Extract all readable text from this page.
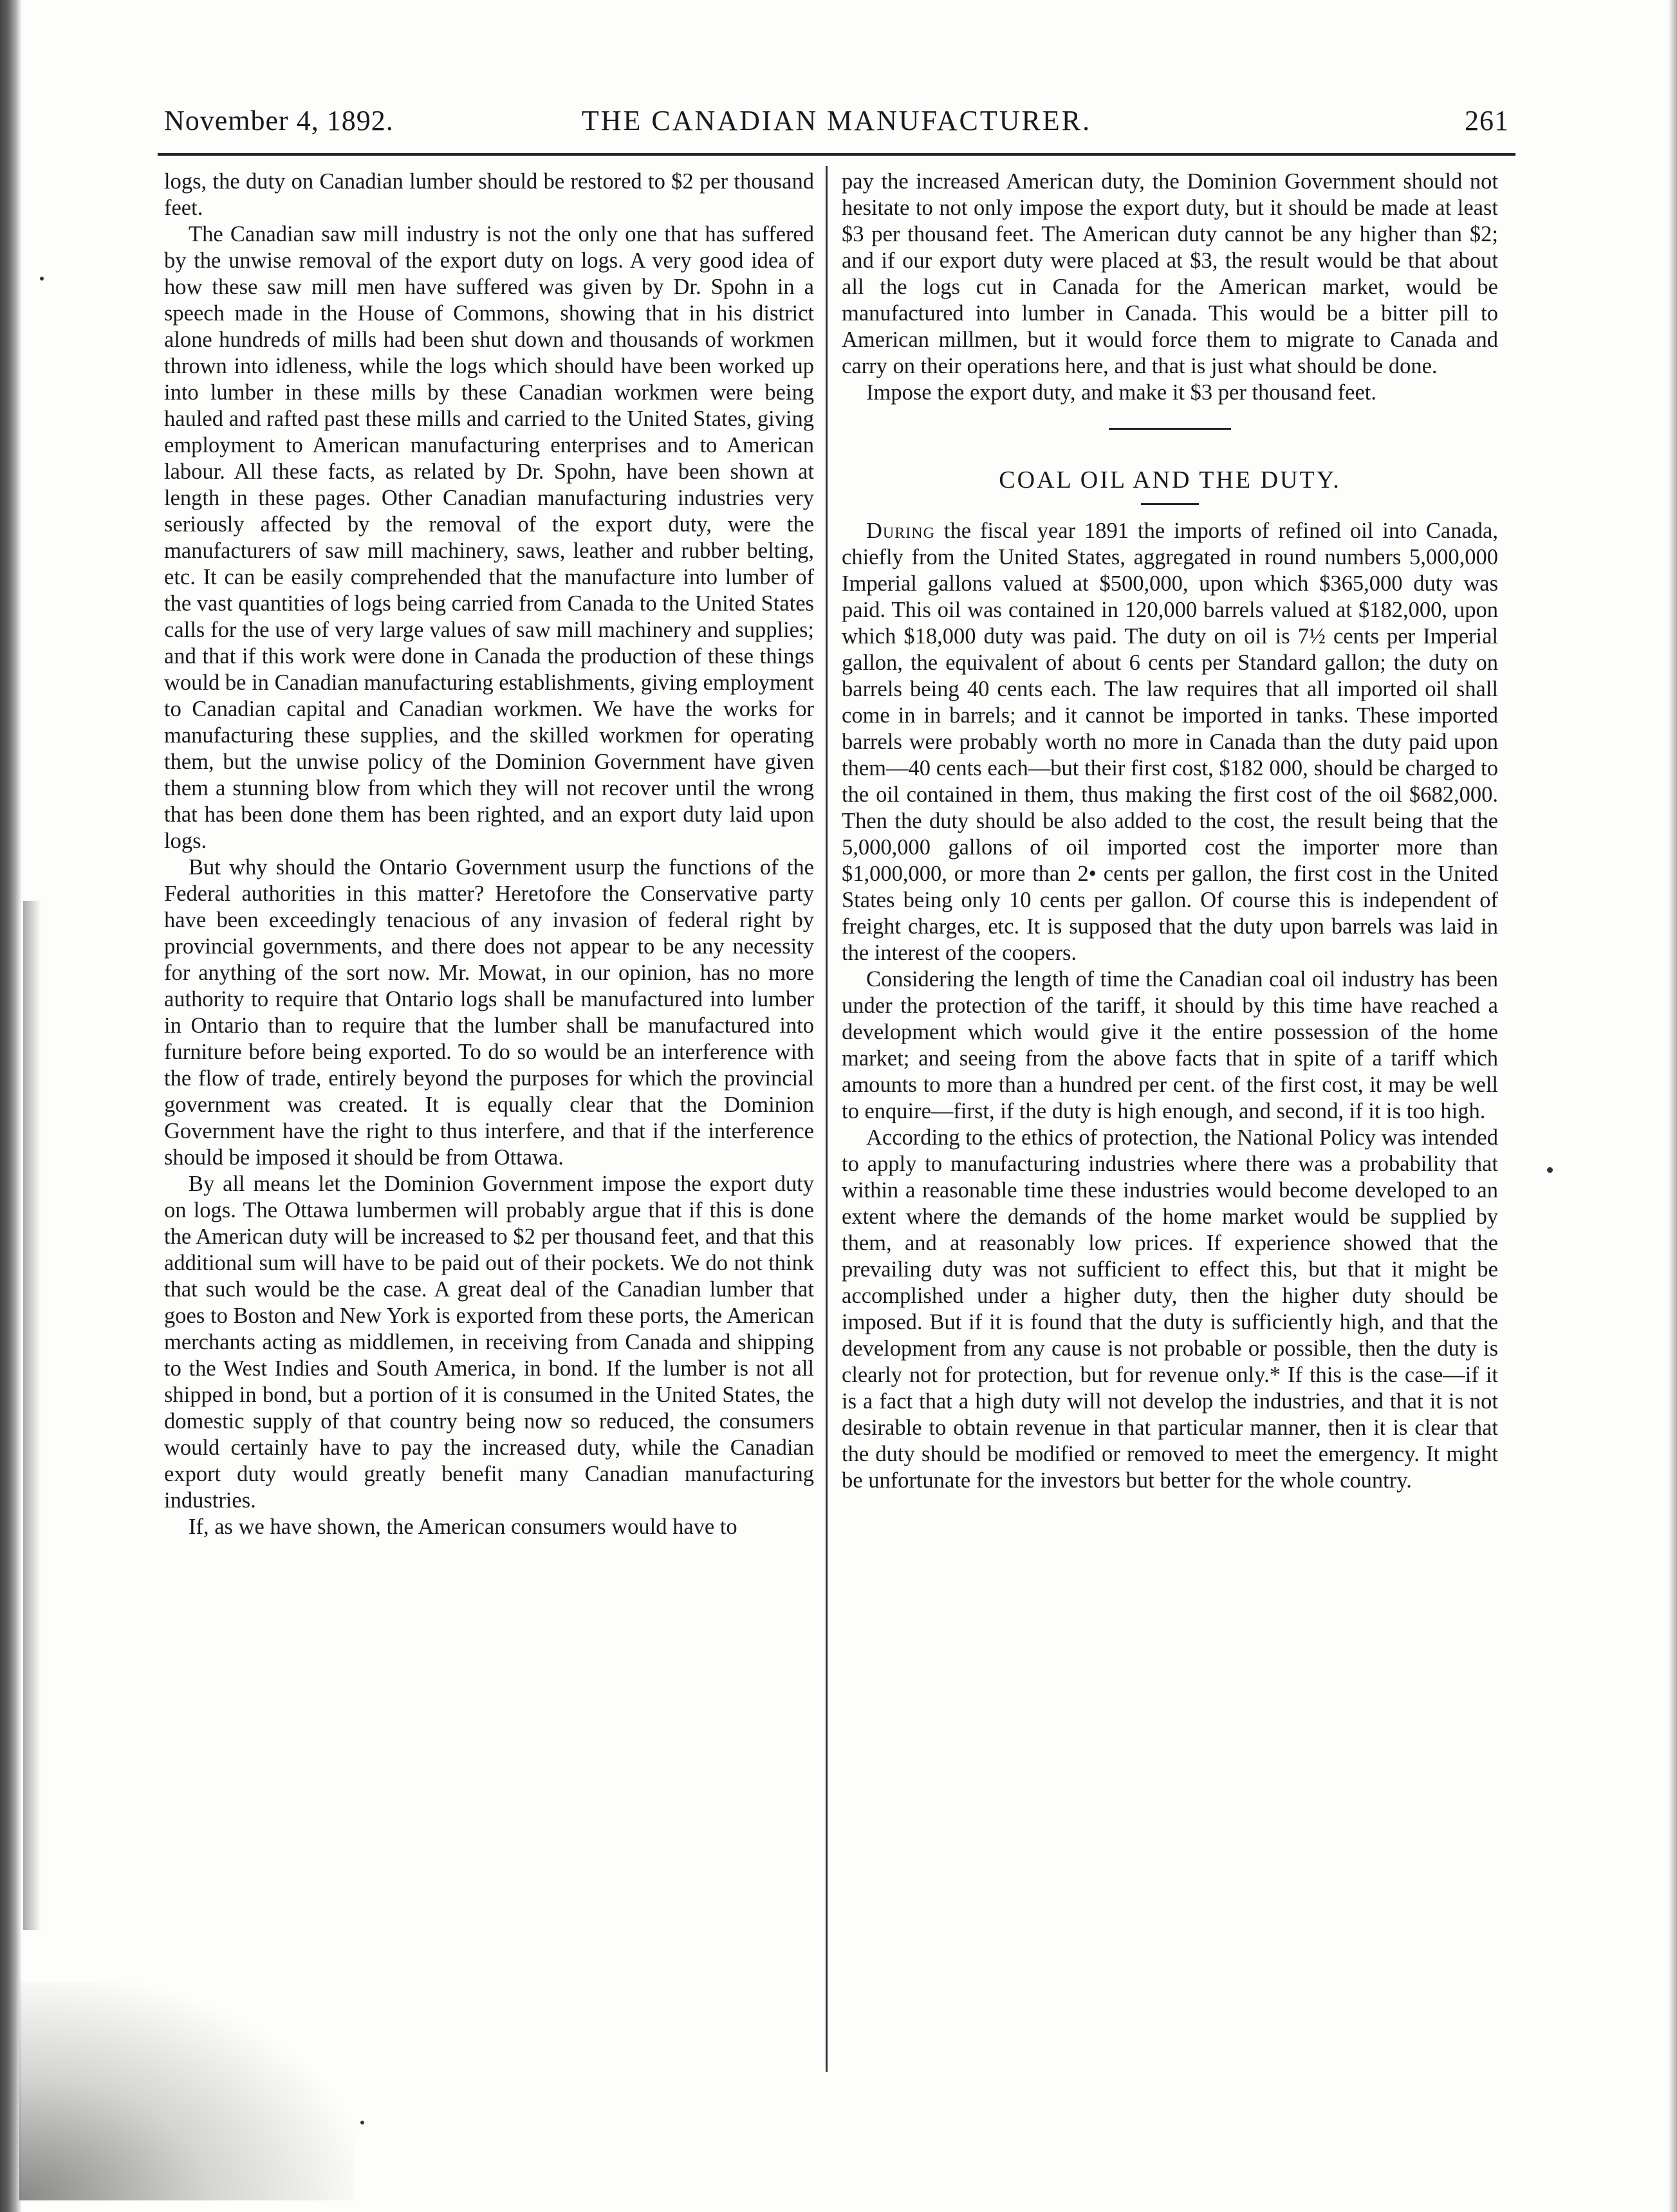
November 4, 1892.	THE CANADIAN MANUFACTURER.	261

logs, the duty on Canadian lumber should be restored to $2 per thousand feet.

The Canadian saw mill industry is not the only one that has suffered by the unwise removal of the export duty on logs. A very good idea of how these saw mill men have suffered was given by Dr. Spohn in a speech made in the House of Commons, showing that in his district alone hundreds of mills had been shut down and thousands of workmen thrown into idleness, while the logs which should have been worked up into lumber in these mills by these Canadian workmen were being hauled and rafted past these mills and carried to the United States, giving employment to American manufacturing enterprises and to American labour. All these facts, as related by Dr. Spohn, have been shown at length in these pages. Other Canadian manufacturing industries very seriously affected by the removal of the export duty, were the manufacturers of saw mill machinery, saws, leather and rubber belting, etc. It can be easily comprehended that the manufacture into lumber of the vast quantities of logs being carried from Canada to the United States calls for the use of very large values of saw mill machinery and supplies; and that if this work were done in Canada the production of these things would be in Canadian manufacturing establishments, giving employment to Canadian capital and Canadian workmen. We have the works for manufacturing these supplies, and the skilled workmen for operating them, but the unwise policy of the Dominion Government have given them a stunning blow from which they will not recover until the wrong that has been done them has been righted, and an export duty laid upon logs.

But why should the Ontario Government usurp the functions of the Federal authorities in this matter? Heretofore the Conservative party have been exceedingly tenacious of any invasion of federal right by provincial governments, and there does not appear to be any necessity for anything of the sort now. Mr. Mowat, in our opinion, has no more authority to require that Ontario logs shall be manufactured into lumber in Ontario than to require that the lumber shall be manufactured into furniture before being exported. To do so would be an interference with the flow of trade, entirely beyond the purposes for which the provincial government was created. It is equally clear that the Dominion Government have the right to thus interfere, and that if the interference should be imposed it should be from Ottawa.

By all means let the Dominion Government impose the export duty on logs. The Ottawa lumbermen will probably argue that if this is done the American duty will be increased to $2 per thousand feet, and that this additional sum will have to be paid out of their pockets. We do not think that such would be the case. A great deal of the Canadian lumber that goes to Boston and New York is exported from these ports, the American merchants acting as middlemen, in receiving from Canada and shipping to the West Indies and South America, in bond. If the lumber is not all shipped in bond, but a portion of it is consumed in the United States, the domestic supply of that country being now so reduced, the consumers would certainly have to pay the increased duty, while the Canadian export duty would greatly benefit many Canadian manufacturing industries.

If, as we have shown, the American consumers would have to

pay the increased American duty, the Dominion Government should not hesitate to not only impose the export duty, but it should be made at least $3 per thousand feet. The American duty cannot be any higher than $2; and if our export duty were placed at $3, the result would be that about all the logs cut in Canada for the American market, would be manufactured into lumber in Canada. This would be a bitter pill to American millmen, but it would force them to migrate to Canada and carry on their operations here, and that is just what should be done.

Impose the export duty, and make it $3 per thousand feet.

COAL OIL AND THE DUTY.

During the fiscal year 1891 the imports of refined oil into Canada, chiefly from the United States, aggregated in round numbers 5,000,000 Imperial gallons valued at $500,000, upon which $365,000 duty was paid. This oil was contained in 120,000 barrels valued at $182,000, upon which $18,000 duty was paid. The duty on oil is 7½ cents per Imperial gallon, the equivalent of about 6 cents per Standard gallon; the duty on barrels being 40 cents each. The law requires that all imported oil shall come in in barrels; and it cannot be imported in tanks. These imported barrels were probably worth no more in Canada than the duty paid upon them—40 cents each—but their first cost, $182 000, should be charged to the oil contained in them, thus making the first cost of the oil $682,000. Then the duty should be also added to the cost, the result being that the 5,000,000 gallons of oil imported cost the importer more than $1,000,000, or more than 2• cents per gallon, the first cost in the United States being only 10 cents per gallon. Of course this is independent of freight charges, etc. It is supposed that the duty upon barrels was laid in the interest of the coopers.

Considering the length of time the Canadian coal oil industry has been under the protection of the tariff, it should by this time have reached a development which would give it the entire possession of the home market; and seeing from the above facts that in spite of a tariff which amounts to more than a hundred per cent. of the first cost, it may be well to enquire—first, if the duty is high enough, and second, if it is too high.

According to the ethics of protection, the National Policy was intended to apply to manufacturing industries where there was a probability that within a reasonable time these industries would become developed to an extent where the demands of the home market would be supplied by them, and at reasonably low prices. If experience showed that the prevailing duty was not sufficient to effect this, but that it might be accomplished under a higher duty, then the higher duty should be imposed. But if it is found that the duty is sufficiently high, and that the development from any cause is not probable or possible, then the duty is clearly not for protection, but for revenue only.* If this is the case—if it is a fact that a high duty will not develop the industries, and that it is not desirable to obtain revenue in that particular manner, then it is clear that the duty should be modified or removed to meet the emergency. It might be unfortunate for the investors but better for the whole country.
